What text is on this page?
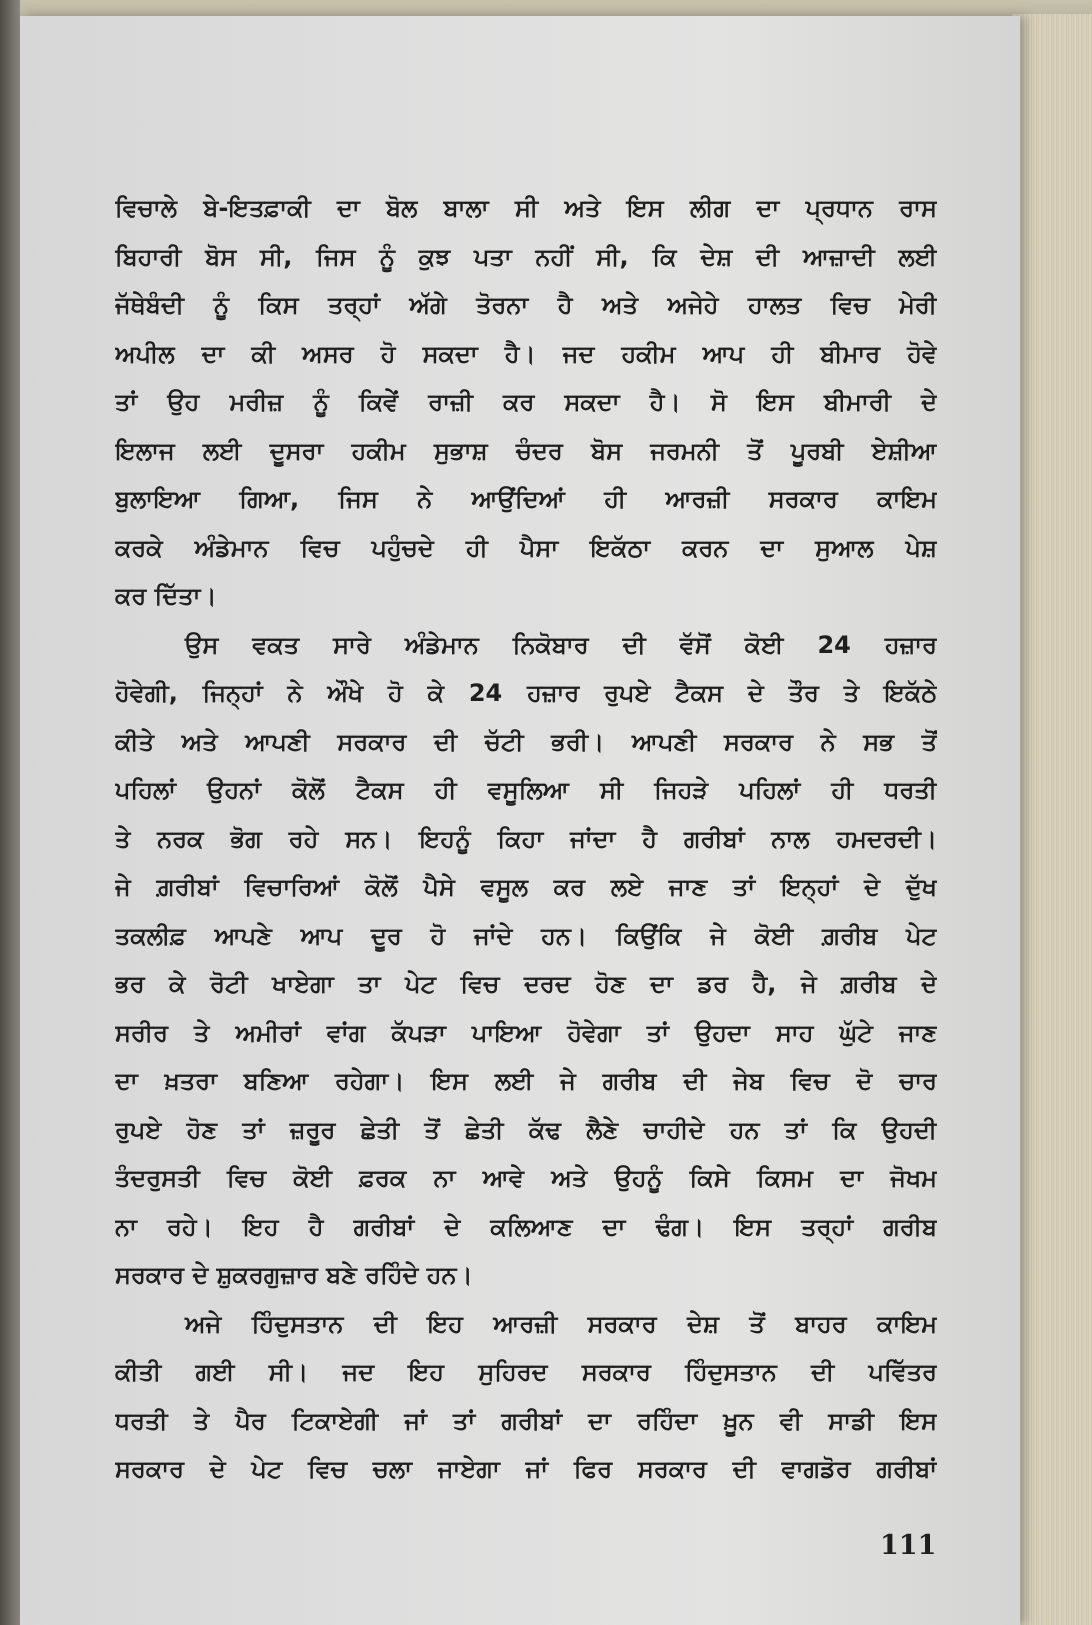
ਵਿਚਾਲੇ ਬੇ-ਇਤਫ਼ਾਕੀ ਦਾ ਬੋਲ ਬਾਲਾ ਸੀ ਅਤੇ ਇਸ ਲੀਗ ਦਾ ਪ੍ਰਧਾਨ ਰਾਸ
ਬਿਹਾਰੀ ਬੋਸ ਸੀ, ਜਿਸ ਨੂੰ ਕੁਝ ਪਤਾ ਨਹੀਂ ਸੀ, ਕਿ ਦੇਸ਼ ਦੀ ਆਜ਼ਾਦੀ ਲਈ
ਜੱਥੇਬੰਦੀ ਨੂੰ ਕਿਸ ਤਰ੍ਹਾਂ ਅੱਗੇ ਤੋਰਨਾ ਹੈ ਅਤੇ ਅਜੇਹੇ ਹਾਲਤ ਵਿਚ ਮੇਰੀ
ਅਪੀਲ ਦਾ ਕੀ ਅਸਰ ਹੋ ਸਕਦਾ ਹੈ। ਜਦ ਹਕੀਮ ਆਪ ਹੀ ਬੀਮਾਰ ਹੋਵੇ
ਤਾਂ ਉਹ ਮਰੀਜ਼ ਨੂੰ ਕਿਵੇਂ ਰਾਜ਼ੀ ਕਰ ਸਕਦਾ ਹੈ। ਸੋ ਇਸ ਬੀਮਾਰੀ ਦੇ
ਇਲਾਜ ਲਈ ਦੂਸਰਾ ਹਕੀਮ ਸੁਭਾਸ਼ ਚੰਦਰ ਬੋਸ ਜਰਮਨੀ ਤੋਂ ਪੂਰਬੀ ਏਸ਼ੀਆ
ਬੁਲਾਇਆ ਗਿਆ, ਜਿਸ ਨੇ ਆਉਂਦਿਆਂ ਹੀ ਆਰਜ਼ੀ ਸਰਕਾਰ ਕਾਇਮ
ਕਰਕੇ ਅੰਡੇਮਾਨ ਵਿਚ ਪਹੁੰਚਦੇ ਹੀ ਪੈਸਾ ਇਕੱਠਾ ਕਰਨ ਦਾ ਸੁਆਲ ਪੇਸ਼
ਕਰ ਦਿੱਤਾ।
ਉਸ ਵਕਤ ਸਾਰੇ ਅੰਡੇਮਾਨ ਨਿਕੋਬਾਰ ਦੀ ਵੱਸੋਂ ਕੋਈ 24 ਹਜ਼ਾਰ
ਹੋਵੇਗੀ, ਜਿਨ੍ਹਾਂ ਨੇ ਔਖੇ ਹੋ ਕੇ 24 ਹਜ਼ਾਰ ਰੁਪਏ ਟੈਕਸ ਦੇ ਤੌਰ ਤੇ ਇਕੱਠੇ
ਕੀਤੇ ਅਤੇ ਆਪਣੀ ਸਰਕਾਰ ਦੀ ਚੱਟੀ ਭਰੀ। ਆਪਣੀ ਸਰਕਾਰ ਨੇ ਸਭ ਤੋਂ
ਪਹਿਲਾਂ ਉਹਨਾਂ ਕੋਲੋਂ ਟੈਕਸ ਹੀ ਵਸੂਲਿਆ ਸੀ ਜਿਹੜੇ ਪਹਿਲਾਂ ਹੀ ਧਰਤੀ
ਤੇ ਨਰਕ ਭੋਗ ਰਹੇ ਸਨ। ਇਹਨੂੰ ਕਿਹਾ ਜਾਂਦਾ ਹੈ ਗਰੀਬਾਂ ਨਾਲ ਹਮਦਰਦੀ।
ਜੇ ਗ਼ਰੀਬਾਂ ਵਿਚਾਰਿਆਂ ਕੋਲੋਂ ਪੈਸੇ ਵਸੂਲ ਕਰ ਲਏ ਜਾਣ ਤਾਂ ਇਨ੍ਹਾਂ ਦੇ ਦੁੱਖ
ਤਕਲੀਫ਼ ਆਪਣੇ ਆਪ ਦੂਰ ਹੋ ਜਾਂਦੇ ਹਨ। ਕਿਉਂਕਿ ਜੇ ਕੋਈ ਗ਼ਰੀਬ ਪੇਟ
ਭਰ ਕੇ ਰੋਟੀ ਖਾਏਗਾ ਤਾ ਪੇਟ ਵਿਚ ਦਰਦ ਹੋਣ ਦਾ ਡਰ ਹੈ, ਜੇ ਗ਼ਰੀਬ ਦੇ
ਸਰੀਰ ਤੇ ਅਮੀਰਾਂ ਵਾਂਗ ਕੱਪੜਾ ਪਾਇਆ ਹੋਵੇਗਾ ਤਾਂ ਉਹਦਾ ਸਾਹ ਘੁੱਟੇ ਜਾਣ
ਦਾ ਖ਼ਤਰਾ ਬਣਿਆ ਰਹੇਗਾ। ਇਸ ਲਈ ਜੇ ਗਰੀਬ ਦੀ ਜੇਬ ਵਿਚ ਦੋ ਚਾਰ
ਰੁਪਏ ਹੋਣ ਤਾਂ ਜ਼ਰੂਰ ਛੇਤੀ ਤੋਂ ਛੇਤੀ ਕੱਢ ਲੈਣੇ ਚਾਹੀਦੇ ਹਨ ਤਾਂ ਕਿ ਉਹਦੀ
ਤੰਦਰੁਸਤੀ ਵਿਚ ਕੋਈ ਫ਼ਰਕ ਨਾ ਆਵੇ ਅਤੇ ਉਹਨੂੰ ਕਿਸੇ ਕਿਸਮ ਦਾ ਜੋਖਮ
ਨਾ ਰਹੇ। ਇਹ ਹੈ ਗਰੀਬਾਂ ਦੇ ਕਲਿਆਣ ਦਾ ਢੰਗ। ਇਸ ਤਰ੍ਹਾਂ ਗਰੀਬ
ਸਰਕਾਰ ਦੇ ਸ਼ੁਕਰਗੁਜ਼ਾਰ ਬਣੇ ਰਹਿੰਦੇ ਹਨ।
ਅਜੇ ਹਿੰਦੁਸਤਾਨ ਦੀ ਇਹ ਆਰਜ਼ੀ ਸਰਕਾਰ ਦੇਸ਼ ਤੋਂ ਬਾਹਰ ਕਾਇਮ
ਕੀਤੀ ਗਈ ਸੀ। ਜਦ ਇਹ ਸੁਹਿਰਦ ਸਰਕਾਰ ਹਿੰਦੁਸਤਾਨ ਦੀ ਪਵਿੱਤਰ
ਧਰਤੀ ਤੇ ਪੈਰ ਟਿਕਾਏਗੀ ਜਾਂ ਤਾਂ ਗਰੀਬਾਂ ਦਾ ਰਹਿੰਦਾ ਖ਼ੂਨ ਵੀ ਸਾਡੀ ਇਸ
ਸਰਕਾਰ ਦੇ ਪੇਟ ਵਿਚ ਚਲਾ ਜਾਏਗਾ ਜਾਂ ਫਿਰ ਸਰਕਾਰ ਦੀ ਵਾਗਡੋਰ ਗਰੀਬਾਂ
111
